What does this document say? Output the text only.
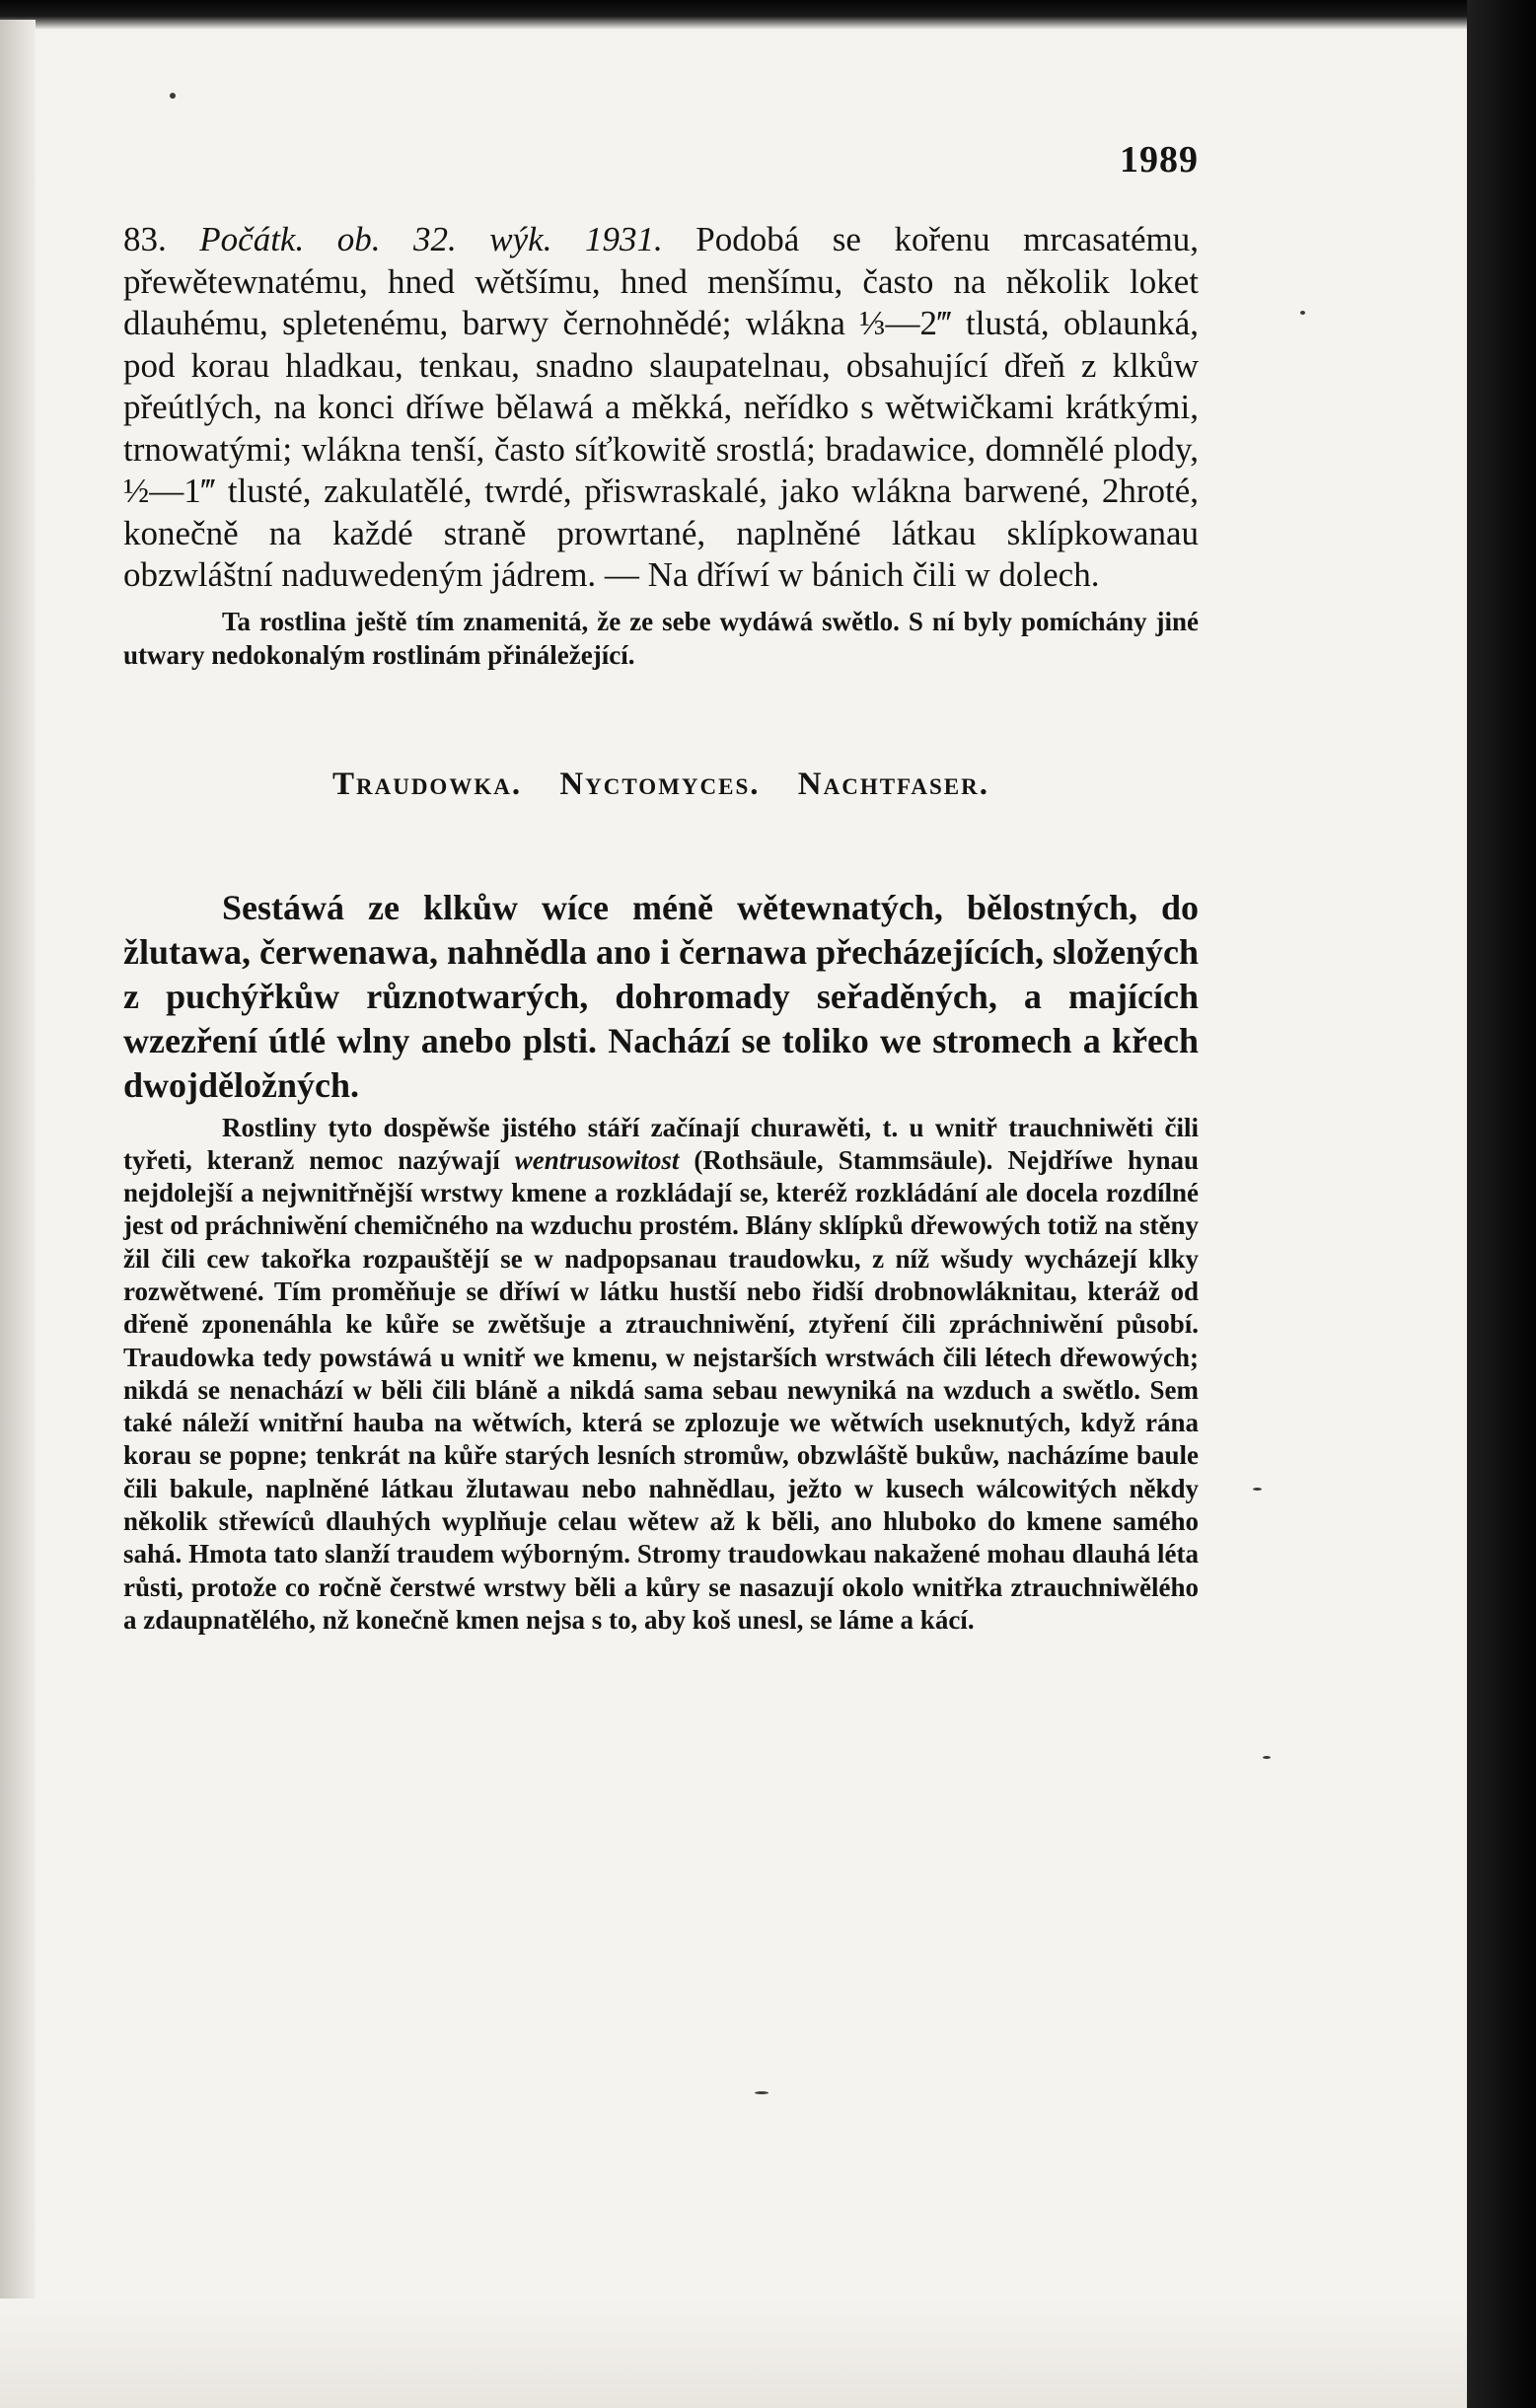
1989

83. Počátk. ob. 32. wýk. 1931. Podobá se kořenu mrcasatému, přewětewnatému, hned wětšímu, hned menšímu, často na několik loket dlauhému, spletenému, barwy černohnědé; wlákna ⅓—2‴ tlustá, oblaunká, pod korau hladkau, tenkau, snadno slaupatelnau, obsahující dřeň z klkůw přeútlých, na konci dříwe bělawá a měkká, neřídko s wětwičkami krátkými, trnowatými; wlákna tenší, často síťkowitě srostlá; bradawice, domnělé plody, ½—1‴ tlusté, zakulatělé, twrdé, přiswraskalé, jako wlákna barwené, 2hroté, konečně na každé straně prowrtané, naplněné látkau sklípkowanau obzwláštní naduwedeným jádrem. — Na dříwí w bánich čili w dolech.

Ta rostlina ještě tím znamenitá, že ze sebe wydáwá swětlo. S ní byly pomíchány jiné utwary nedokonalým rostlinám přináležející.

Traudowka. Nyctomyces. Nachtfaser.

Sestáwá ze klkůw wíce méně wětewnatých, bělostných, do žlutawa, čerwenawa, nahnědla ano i černawa přecházejících, složených z puchýřkůw různotwarých, dohromady seřaděných, a majících wzezření útlé wlny anebo plsti. Nachází se toliko we stromech a křech dwojděložných.

Rostliny tyto dospěwše jistého stáří začínají churawěti, t. u wnitř trauchniwěti čili tyřeti, kteranž nemoc nazýwají wentrusowitost (Rothsäule, Stammsäule). Nejdříwe hynau nejdolejší a nejwnitřnější wrstwy kmene a rozkládají se, kteréž rozkládání ale docela rozdílné jest od práchniwění chemičného na wzduchu prostém. Blány sklípků dřewowých totiž na stěny žil čili cew takořka rozpauštějí se w nadpopsanau traudowku, z níž wšudy wycházejí klky rozwětwené. Tím proměňuje se dříwí w látku hustší nebo řidší drobnowláknitau, kteráž od dřeně zponenáhla ke kůře se zwětšuje a ztrauchniwění, ztyření čili zpráchniwění působí. Traudowka tedy powstáwá u wnitř we kmenu, w nejstarších wrstwách čili létech dřewowých; nikdá se nenachází w běli čili bláně a nikdá sama sebau newyniká na wzduch a swětlo. Sem také náleží wnitřní hauba na wětwích, která se zplozuje we wětwích useknutých, když rána korau se popne; tenkrát na kůře starých lesních stromůw, obzwláště bukůw, nacházíme baule čili bakule, naplněné látkau žlutawau nebo nahnědlau, ježto w kusech wálcowitých někdy několik střewíců dlauhých wyplňuje celau wětew až k běli, ano hluboko do kmene samého sahá. Hmota tato slanží traudem wýborným. Stromy traudowkau nakažené mohau dlauhá léta růsti, protože co ročně čerstwé wrstwy běli a kůry se nasazují okolo wnitřka ztrauchniwělého a zdaupnatělého, nž konečně kmen nejsa s to, aby koš unesl, se láme a kácí.
